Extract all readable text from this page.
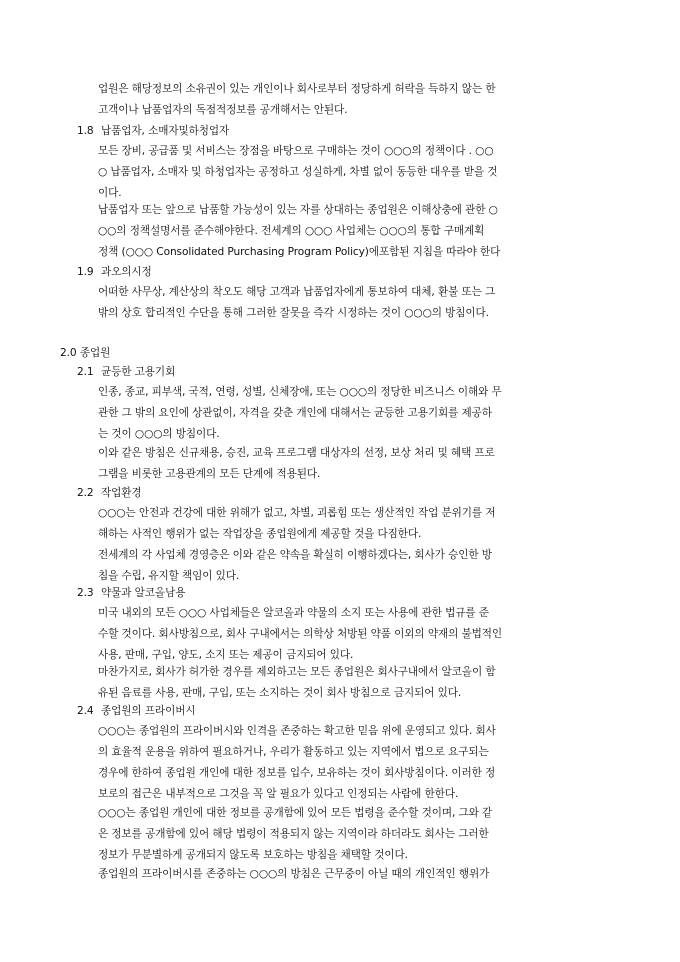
업원은 해당정보의 소유권이 있는 개인이나 회사로부터 정당하게 허락을 득하지 않는 한
고객이나 납품업자의 독점적정보를 공개해서는 안된다.
1.8 납품업자, 소매자및하청업자
모든 장비, 공급품 및 서비스는 장점을 바탕으로 구매하는 것이 ○○○의 정책이다 . ○○
○ 납품업자, 소매자 및 하청업자는 공정하고 성실하게, 차별 없이 동등한 대우를 받을 것
이다.
납품업자 또는 앞으로 납품할 가능성이 있는 자를 상대하는 종업원은 이해상충에 관한 ○
○○의 정책설명서를 준수해야한다. 전세계의 ○○○ 사업체는 ○○○의 통합 구매계획
정책 (○○○ Consolidated Purchasing Program Policy)에포함된 지침을 따라야 한다
1.9 과오의시정
어떠한 사무상, 계산상의 착오도 해당 고객과 납품업자에게 통보하여 대체, 환불 또는 그
밖의 상호 합리적인 수단을 통해 그러한 잘못을 즉각 시정하는 것이 ○○○의 방침이다.
2.0 종업원
2.1 균등한 고용기회
인종, 종교, 피부색, 국적, 연령, 성별, 신체장애, 또는 ○○○의 정당한 비즈니스 이해와 무
관한 그 밖의 요인에 상관없이, 자격을 갖춘 개인에 대해서는 균등한 고용기회를 제공하
는 것이 ○○○의 방침이다.
이와 같은 방침은 신규채용, 승진, 교육 프로그램 대상자의 선정, 보상 처리 및 혜택 프로
그램을 비롯한 고용관계의 모든 단계에 적용된다.
2.2 작업환경
○○○는 안전과 건강에 대한 위해가 없고, 차별, 괴롭힘 또는 생산적인 작업 분위기를 저
해하는 사적인 행위가 없는 작업장을 종업원에게 제공할 것을 다짐한다.
전세계의 각 사업체 경영층은 이와 같은 약속을 확실히 이행하겠다는, 회사가 승인한 방
침을 수립, 유지할 책임이 있다.
2.3 약물과 알코올남용
미국 내외의 모든 ○○○ 사업체들은 알코올과 약물의 소지 또는 사용에 관한 법규를 준
수할 것이다. 회사방침으로, 회사 구내에서는 의학상 처방된 약품 이외의 약재의 불법적인
사용, 판매, 구입, 양도, 소지 또는 제공이 금지되어 있다.
마찬가지로, 회사가 허가한 경우를 제외하고는 모든 종업원은 회사구내에서 알코올이 함
유된 음료를 사용, 판매, 구입, 또는 소지하는 것이 회사 방침으로 금지되어 있다.
2.4 종업원의 프라이버시
○○○는 종업원의 프라이버시와 인격을 존중하는 확고한 믿음 위에 운영되고 있다. 회사
의 효율적 운용을 위하여 필요하거나, 우리가 활동하고 있는 지역에서 법으로 요구되는
경우에 한하여 종업원 개인에 대한 정보를 입수, 보유하는 것이 회사방침이다. 이러한 정
보로의 접근은 내부적으로 그것을 꼭 알 필요가 있다고 인정되는 사람에 한한다.
○○○는 종업원 개인에 대한 정보를 공개함에 있어 모든 법령을 준수할 것이며, 그와 같
은 정보를 공개함에 있어 해당 법령이 적용되지 않는 지역이라 하더라도 회사는 그러한
정보가 무분별하게 공개되지 않도록 보호하는 방침을 채택할 것이다.
종업원의 프라이버시를 존중하는 ○○○의 방침은 근무중이 아닐 때의 개인적인 행위가
